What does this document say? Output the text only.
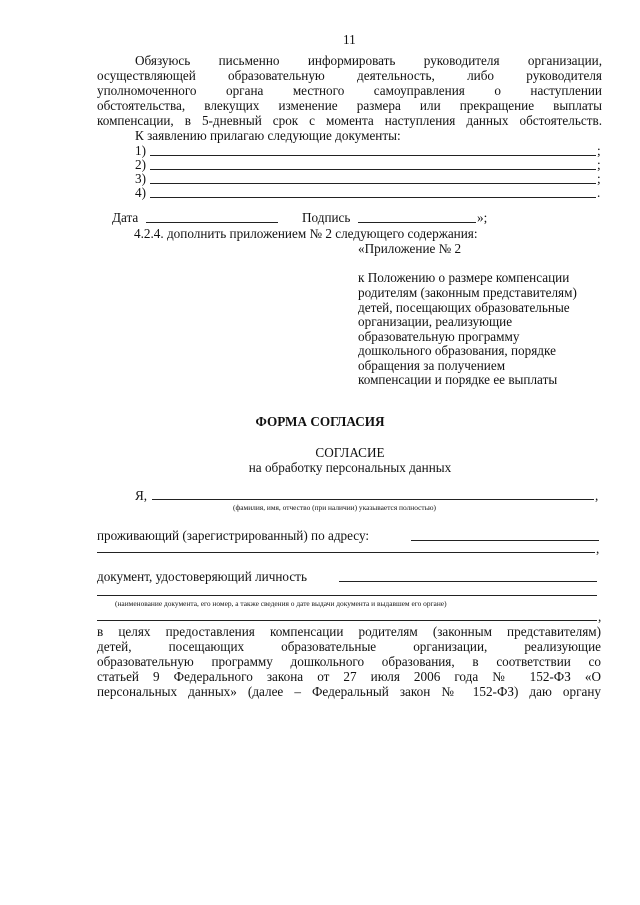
11
Обязуюсь письменно информировать руководителя организации,
осуществляющей образовательную деятельность, либо руководителя
уполномоченного органа местного самоуправления о наступлении
обстоятельства, влекущих изменение размера или прекращение выплаты
компенсации, в 5-дневный срок с момента наступления данных обстоятельств.
К заявлению прилагаю следующие документы:
1)	;
2)	;
3)	;
4)	.
Дата	Подпись	»;
4.2.4. дополнить приложением № 2 следующего содержания:
«Приложение № 2
к Положению о размере компенсации
родителям (законным представителям)
детей, посещающих образовательные
организации, реализующие
образовательную программу
дошкольного образования, порядке
обращения за получением
компенсации и порядке ее выплаты
ФОРМА СОГЛАСИЯ
СОГЛАСИЕ
на обработку персональных данных
Я,	,
(фамилия, имя, отчество (при наличии) указывается полностью)
проживающий (зарегистрированный) по адресу:
,
документ, удостоверяющий личность
(наименование документа, его номер, а также сведения о дате выдачи документа и выдавшем его органе)
,
в целях предоставления компенсации родителям (законным представителям)
детей, посещающих образовательные организации, реализующие
образовательную программу дошкольного образования, в соответствии со
статьей 9 Федерального закона от 27 июля 2006 года № 152-ФЗ «О
персональных данных» (далее – Федеральный закон № 152-ФЗ) даю органу
